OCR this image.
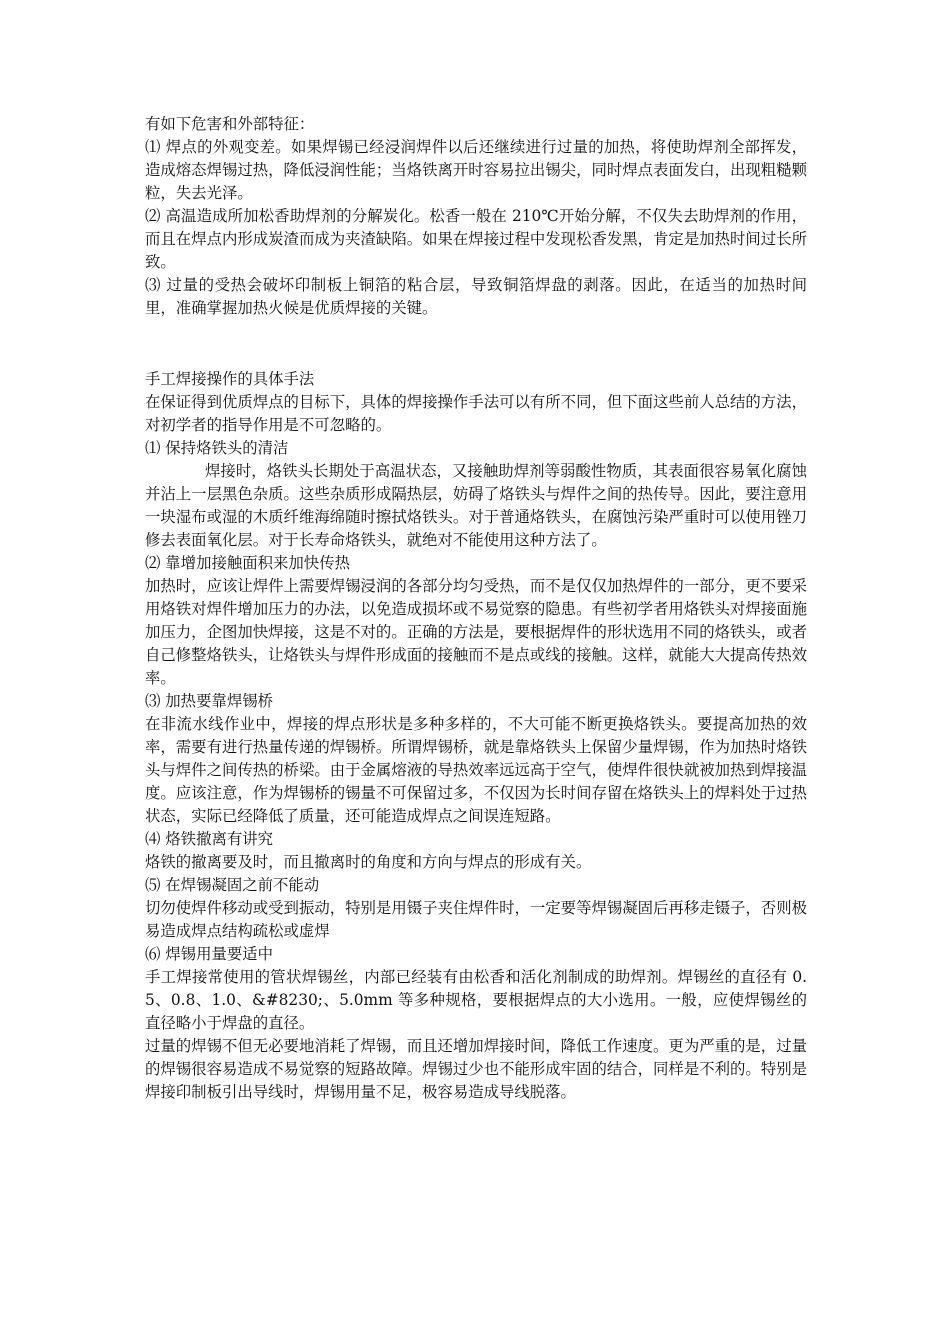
有如下危害和外部特征：

⑴ 焊点的外观变差。如果焊锡已经浸润焊件以后还继续进行过量的加热，将使助焊剂全部挥发，造成熔态焊锡过热，降低浸润性能；当烙铁离开时容易拉出锡尖，同时焊点表面发白，出现粗糙颗粒，失去光泽。

⑵ 高温造成所加松香助焊剂的分解炭化。松香一般在 210℃开始分解，不仅失去助焊剂的作用，而且在焊点内形成炭渣而成为夹渣缺陷。如果在焊接过程中发现松香发黑，肯定是加热时间过长所致。

⑶ 过量的受热会破坏印制板上铜箔的粘合层，导致铜箔焊盘的剥落。因此，在适当的加热时间里，准确掌握加热火候是优质焊接的关键。

手工焊接操作的具体手法

在保证得到优质焊点的目标下，具体的焊接操作手法可以有所不同，但下面这些前人总结的方法，对初学者的指导作用是不可忽略的。

⑴ 保持烙铁头的清洁

焊接时，烙铁头长期处于高温状态，又接触助焊剂等弱酸性物质，其表面很容易氧化腐蚀并沾上一层黑色杂质。这些杂质形成隔热层，妨碍了烙铁头与焊件之间的热传导。因此，要注意用一块湿布或湿的木质纤维海绵随时擦拭烙铁头。对于普通烙铁头，在腐蚀污染严重时可以使用锉刀修去表面氧化层。对于长寿命烙铁头，就绝对不能使用这种方法了。

⑵ 靠增加接触面积来加快传热

加热时，应该让焊件上需要焊锡浸润的各部分均匀受热，而不是仅仅加热焊件的一部分，更不要采用烙铁对焊件增加压力的办法，以免造成损坏或不易觉察的隐患。有些初学者用烙铁头对焊接面施加压力，企图加快焊接，这是不对的。正确的方法是，要根据焊件的形状选用不同的烙铁头，或者自己修整烙铁头，让烙铁头与焊件形成面的接触而不是点或线的接触。这样，就能大大提高传热效率。

⑶ 加热要靠焊锡桥

在非流水线作业中，焊接的焊点形状是多种多样的，不大可能不断更换烙铁头。要提高加热的效率，需要有进行热量传递的焊锡桥。所谓焊锡桥，就是靠烙铁头上保留少量焊锡，作为加热时烙铁头与焊件之间传热的桥梁。由于金属熔液的导热效率远远高于空气，使焊件很快就被加热到焊接温度。应该注意，作为焊锡桥的锡量不可保留过多，不仅因为长时间存留在烙铁头上的焊料处于过热状态，实际已经降低了质量，还可能造成焊点之间误连短路。

⑷ 烙铁撤离有讲究

烙铁的撤离要及时，而且撤离时的角度和方向与焊点的形成有关。

⑸ 在焊锡凝固之前不能动

切勿使焊件移动或受到振动，特别是用镊子夹住焊件时，一定要等焊锡凝固后再移走镊子，否则极易造成焊点结构疏松或虚焊

⑹ 焊锡用量要适中

手工焊接常使用的管状焊锡丝，内部已经装有由松香和活化剂制成的助焊剂。焊锡丝的直径有 0.5、0.8、1.0、&#8230;、5.0mm 等多种规格，要根据焊点的大小选用。一般，应使焊锡丝的直径略小于焊盘的直径。

过量的焊锡不但无必要地消耗了焊锡，而且还增加焊接时间，降低工作速度。更为严重的是，过量的焊锡很容易造成不易觉察的短路故障。焊锡过少也不能形成牢固的结合，同样是不利的。特别是焊接印制板引出导线时，焊锡用量不足，极容易造成导线脱落。
